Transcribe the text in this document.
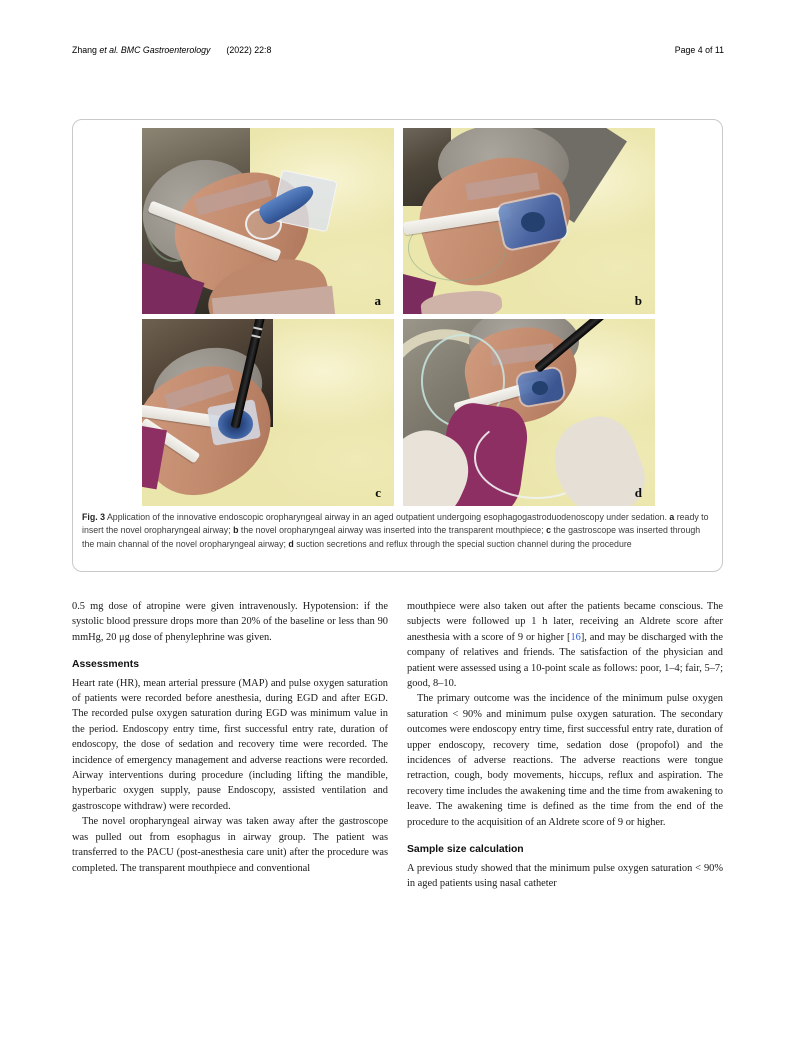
Zhang et al. BMC Gastroenterology (2022) 22:8	Page 4 of 11
a	b
c	d
Fig. 3 Application of the innovative endoscopic oropharyngeal airway in an aged outpatient undergoing esophagogastroduodenoscopy under sedation. a ready to insert the novel oropharyngeal airway; b the novel oropharyngeal airway was inserted into the transparent mouthpiece; c the gastroscope was inserted through the main channal of the novel oropharyngeal airway; d suction secretions and reflux through the special suction channel during the procedure

0.5 mg dose of atropine were given intravenously. Hypotension: if the systolic blood pressure drops more than 20% of the baseline or less than 90 mmHg, 20 μg dose of phenylephrine was given.

Assessments

Heart rate (HR), mean arterial pressure (MAP) and pulse oxygen saturation of patients were recorded before anesthesia, during EGD and after EGD. The recorded pulse oxygen saturation during EGD was minimum value in the period. Endoscopy entry time, first successful entry rate, duration of endoscopy, the dose of sedation and recovery time were recorded. The incidence of emergency management and adverse reactions were recorded. Airway interventions during procedure (including lifting the mandible, hyperbaric oxygen supply, pause Endoscopy, assisted ventilation and gastroscope withdraw) were recorded.

The novel oropharyngeal airway was taken away after the gastroscope was pulled out from esophagus in airway group. The patient was transferred to the PACU (post-anesthesia care unit) after the procedure was completed. The transparent mouthpiece and conventional

mouthpiece were also taken out after the patients became conscious. The subjects were followed up 1 h later, receiving an Aldrete score after anesthesia with a score of 9 or higher [16], and may be discharged with the company of relatives and friends. The satisfaction of the physician and patient were assessed using a 10-point scale as follows: poor, 1–4; fair, 5–7; good, 8–10.

The primary outcome was the incidence of the minimum pulse oxygen saturation < 90% and minimum pulse oxygen saturation. The secondary outcomes were endoscopy entry time, first successful entry rate, duration of upper endoscopy, recovery time, sedation dose (propofol) and the incidences of adverse reactions. The adverse reactions were tongue retraction, cough, body movements, hiccups, reflux and aspiration. The recovery time includes the awakening time and the time from awakening to leave. The awakening time is defined as the time from the end of the procedure to the acquisition of an Aldrete score of 9 or higher.

Sample size calculation

A previous study showed that the minimum pulse oxygen saturation < 90% in aged patients using nasal catheter
